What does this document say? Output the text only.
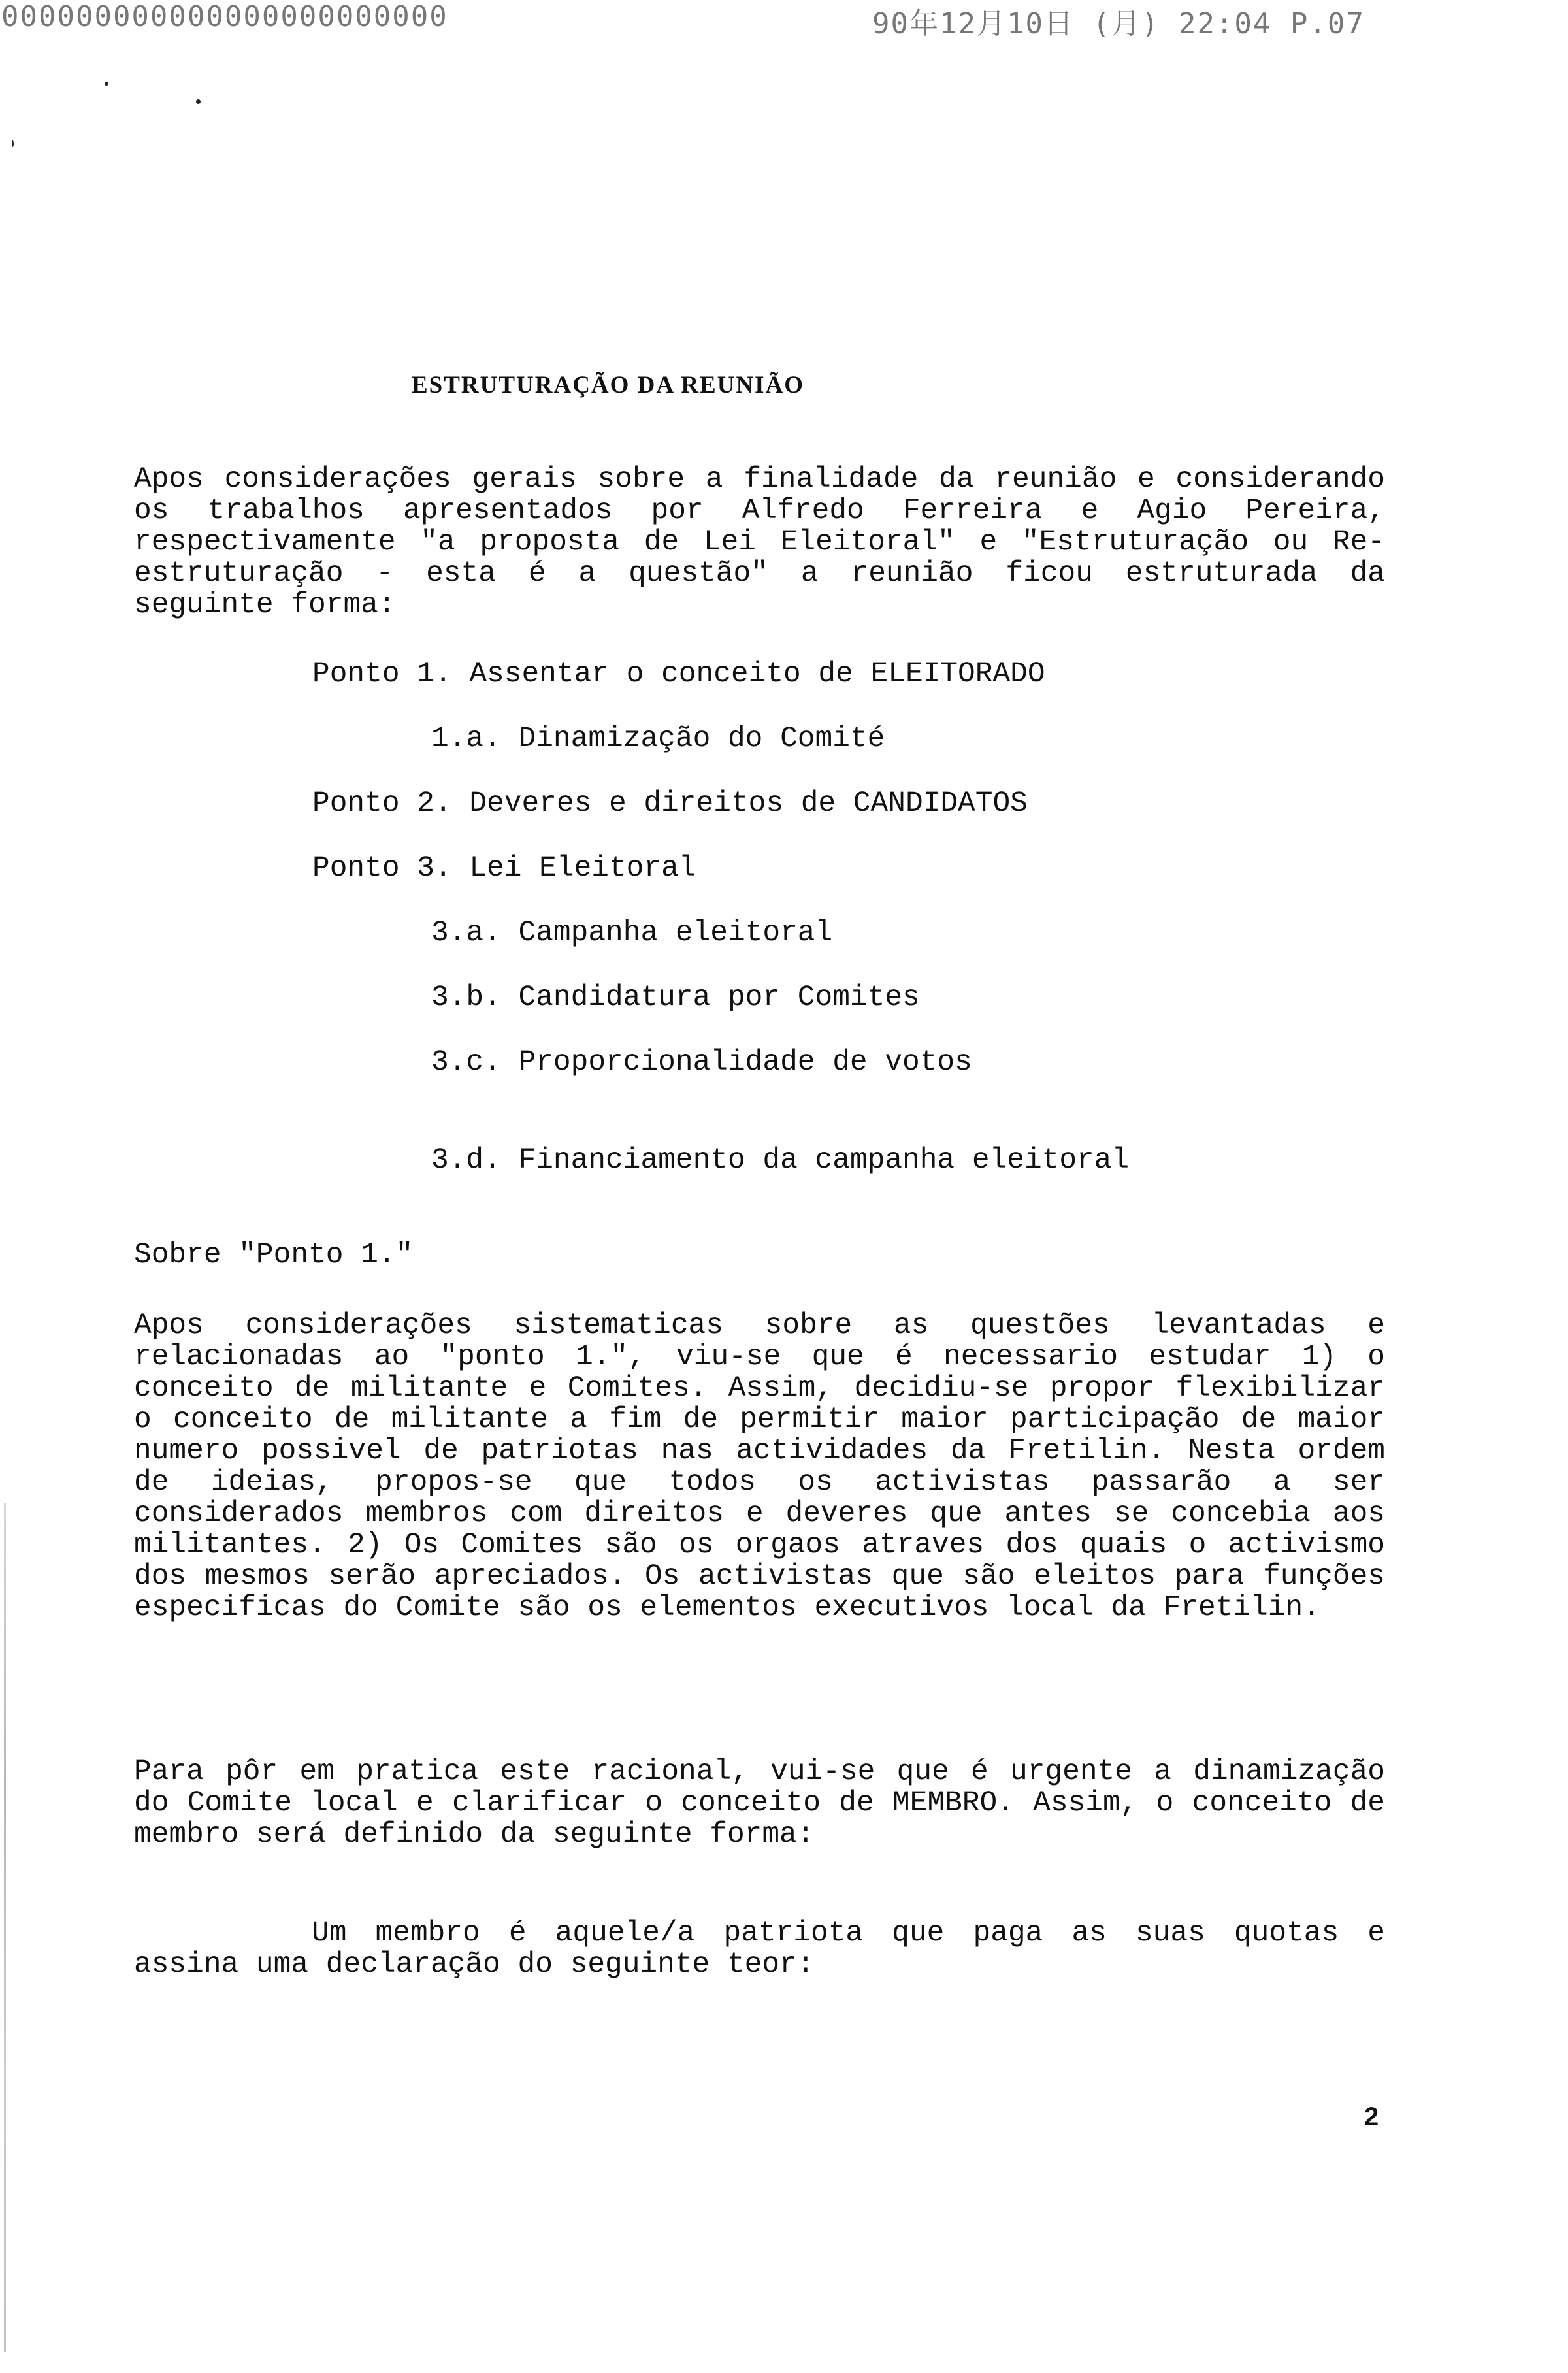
000000000000000000000000	90年12月10日 (月) 22:04 P.07
ESTRUTURAÇÃO DA REUNIÃO
Apos considerações gerais sobre a finalidade da reunião e considerando os trabalhos apresentados por Alfredo Ferreira e Agio Pereira, respectivamente "a proposta de Lei Eleitoral" e "Estruturação ou Re-estruturação - esta é a questão" a reunião ficou estruturada da seguinte forma:
Ponto 1. Assentar o conceito de ELEITORADO
1.a. Dinamização do Comité
Ponto 2. Deveres e direitos de CANDIDATOS
Ponto 3. Lei Eleitoral
3.a. Campanha eleitoral
3.b. Candidatura por Comites
3.c. Proporcionalidade de votos
3.d. Financiamento da campanha eleitoral
Sobre "Ponto 1."
Apos considerações sistematicas sobre as questões levantadas e relacionadas ao "ponto 1.", viu-se que é necessario estudar 1) o conceito de militante e Comites. Assim, decidiu-se propor flexibilizar o conceito de militante a fim de permitir maior participação de maior numero possivel de patriotas nas actividades da Fretilin. Nesta ordem de ideias, propos-se que todos os activistas passarão a ser considerados membros com direitos e deveres que antes se concebia aos militantes. 2) Os Comites são os orgaos atraves dos quais o activismo dos mesmos serão apreciados. Os activistas que são eleitos para funções especificas do Comite são os elementos executivos local da Fretilin.
Para pôr em pratica este racional, vui-se que é urgente a dinamização do Comite local e clarificar o conceito de MEMBRO. Assim, o conceito de membro será definido da seguinte forma:
Um membro é aquele/a patriota que paga as suas quotas e assina uma declaração do seguinte teor:
2
